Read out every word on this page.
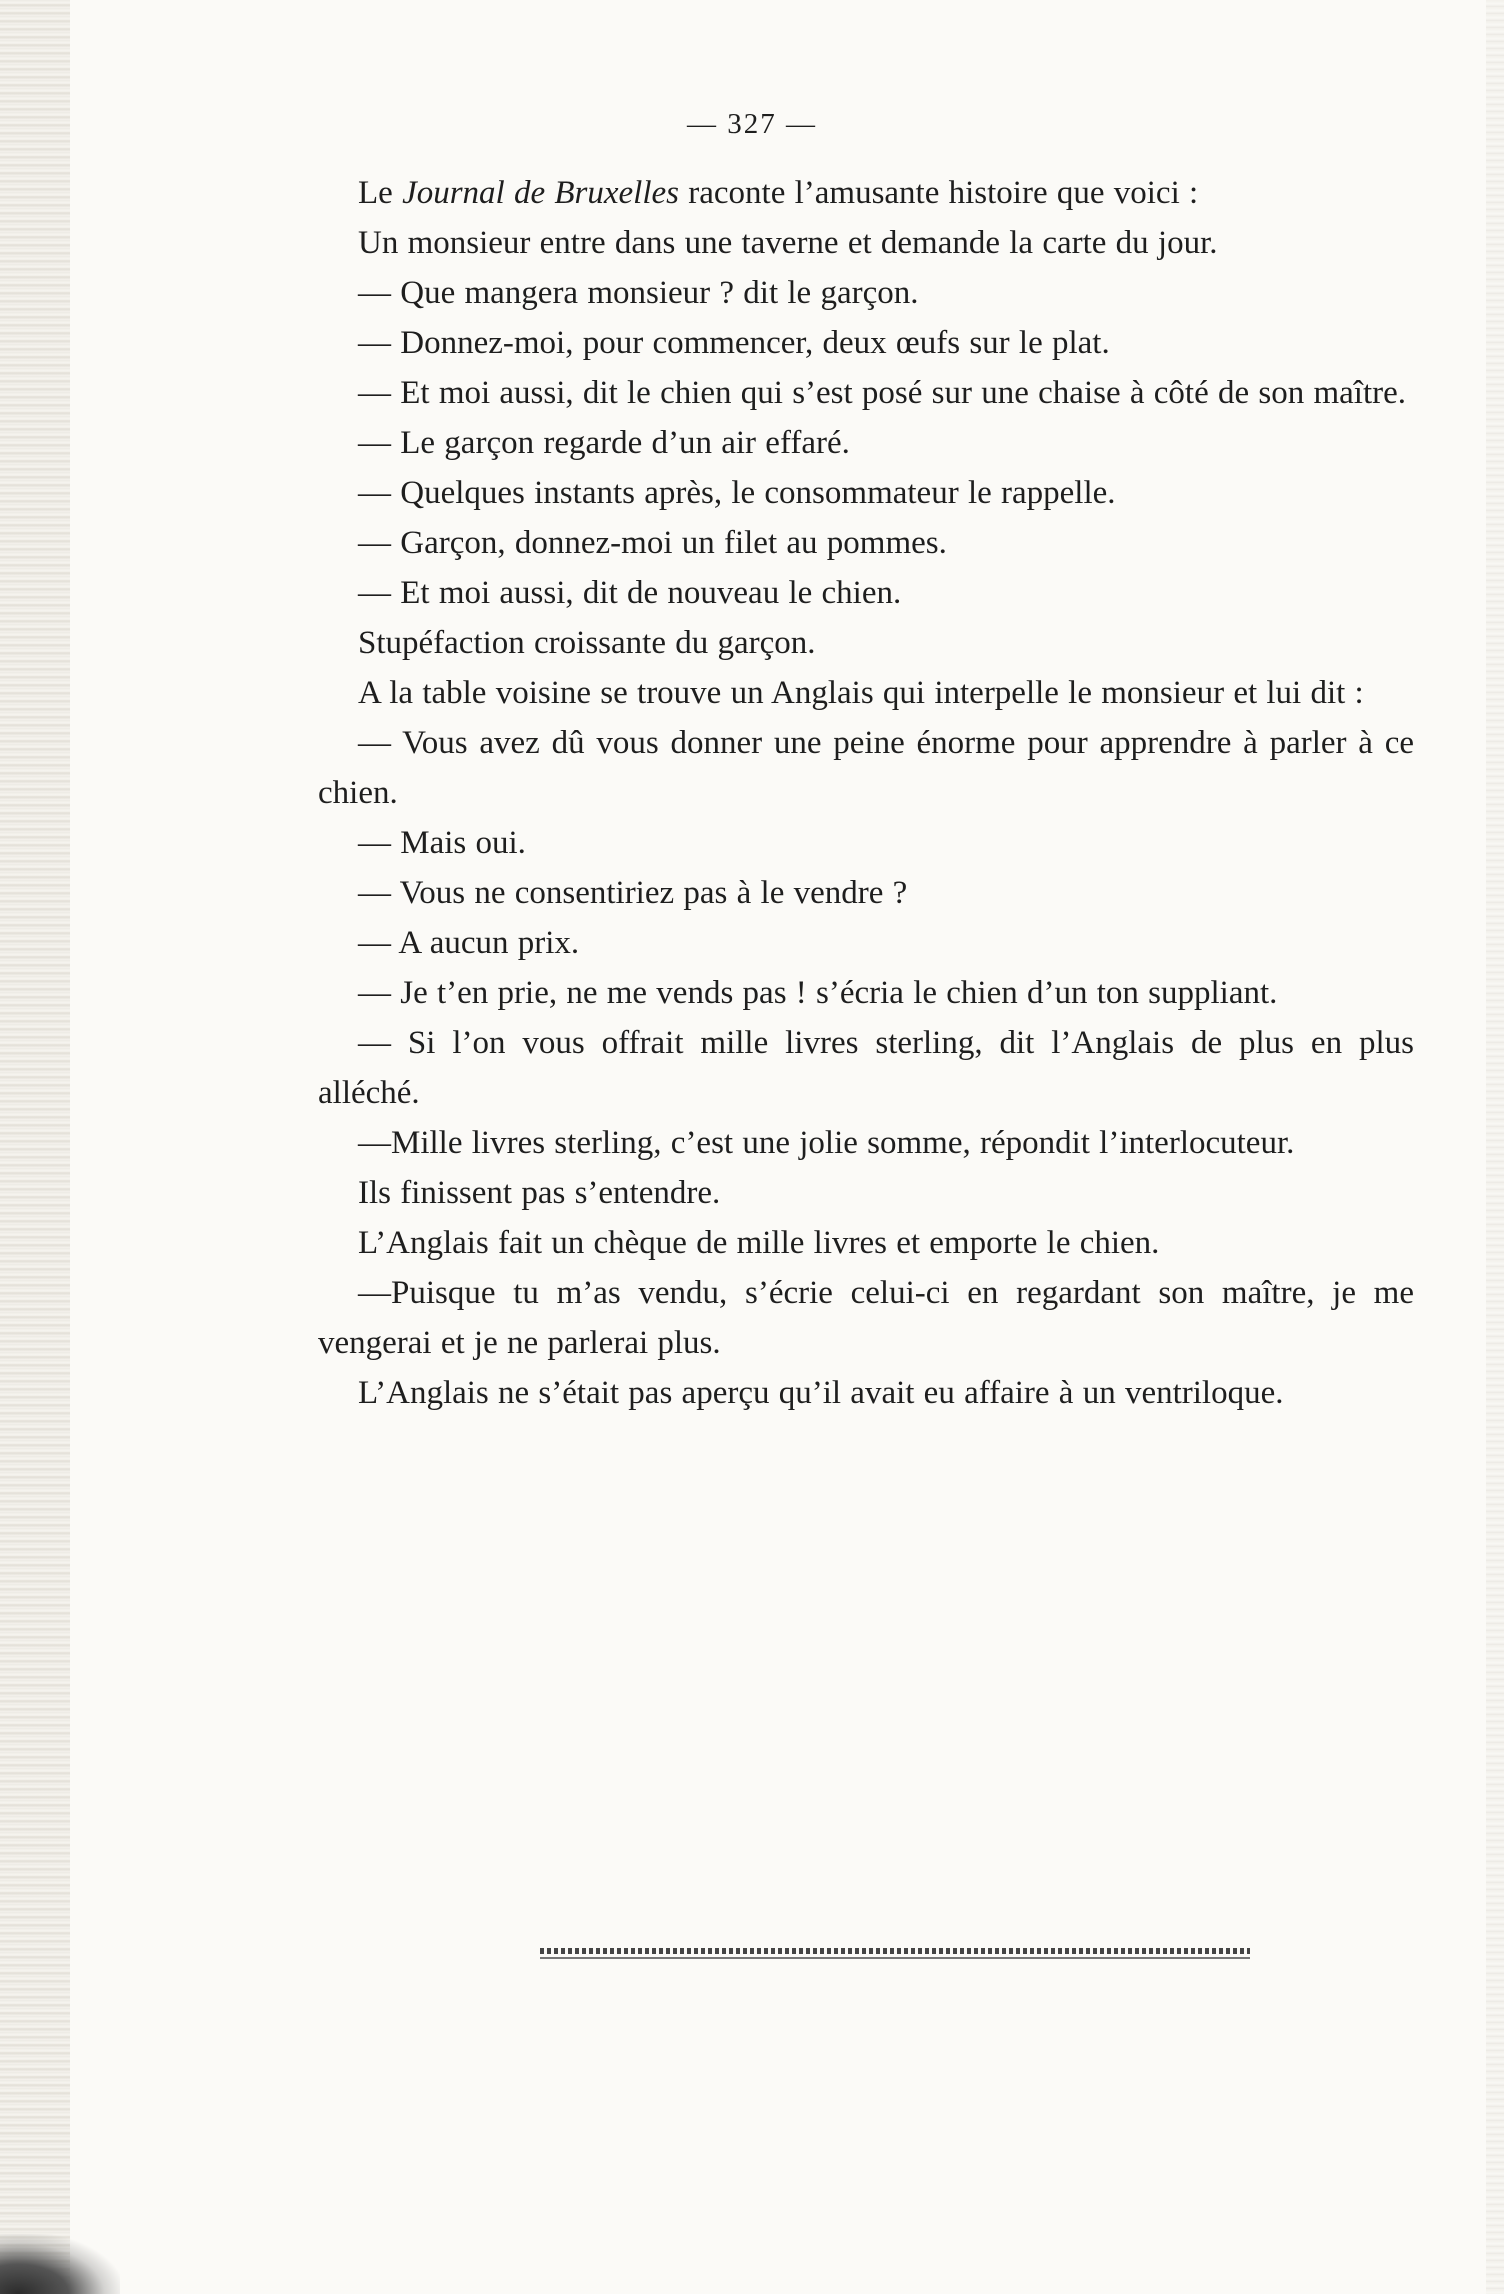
— 327 —

Le Journal de Bruxelles raconte l’amusante histoire que voici :

Un monsieur entre dans une taverne et demande la carte du jour.

— Que mangera monsieur ? dit le garçon.

— Donnez-moi, pour commencer, deux œufs sur le plat.

— Et moi aussi, dit le chien qui s’est posé sur une chaise à côté de son maître.

— Le garçon regarde d’un air effaré.

— Quelques instants après, le consommateur le rappelle.

— Garçon, donnez-moi un filet au pommes.

— Et moi aussi, dit de nouveau le chien.

Stupéfaction croissante du garçon.

A la table voisine se trouve un Anglais qui interpelle le monsieur et lui dit :

— Vous avez dû vous donner une peine énorme pour apprendre à parler à ce chien.

— Mais oui.

— Vous ne consentiriez pas à le vendre ?

— A aucun prix.

— Je t’en prie, ne me vends pas ! s’écria le chien d’un ton suppliant.

— Si l’on vous offrait mille livres sterling, dit l’Anglais de plus en plus alléché.

—Mille livres sterling, c’est une jolie somme, répondit l’interlocuteur.

Ils finissent pas s’entendre.

L’Anglais fait un chèque de mille livres et emporte le chien.

—Puisque tu m’as vendu, s’écrie celui-ci en regardant son maître, je me vengerai et je ne parlerai plus.

L’Anglais ne s’était pas aperçu qu’il avait eu affaire à un ventriloque.
